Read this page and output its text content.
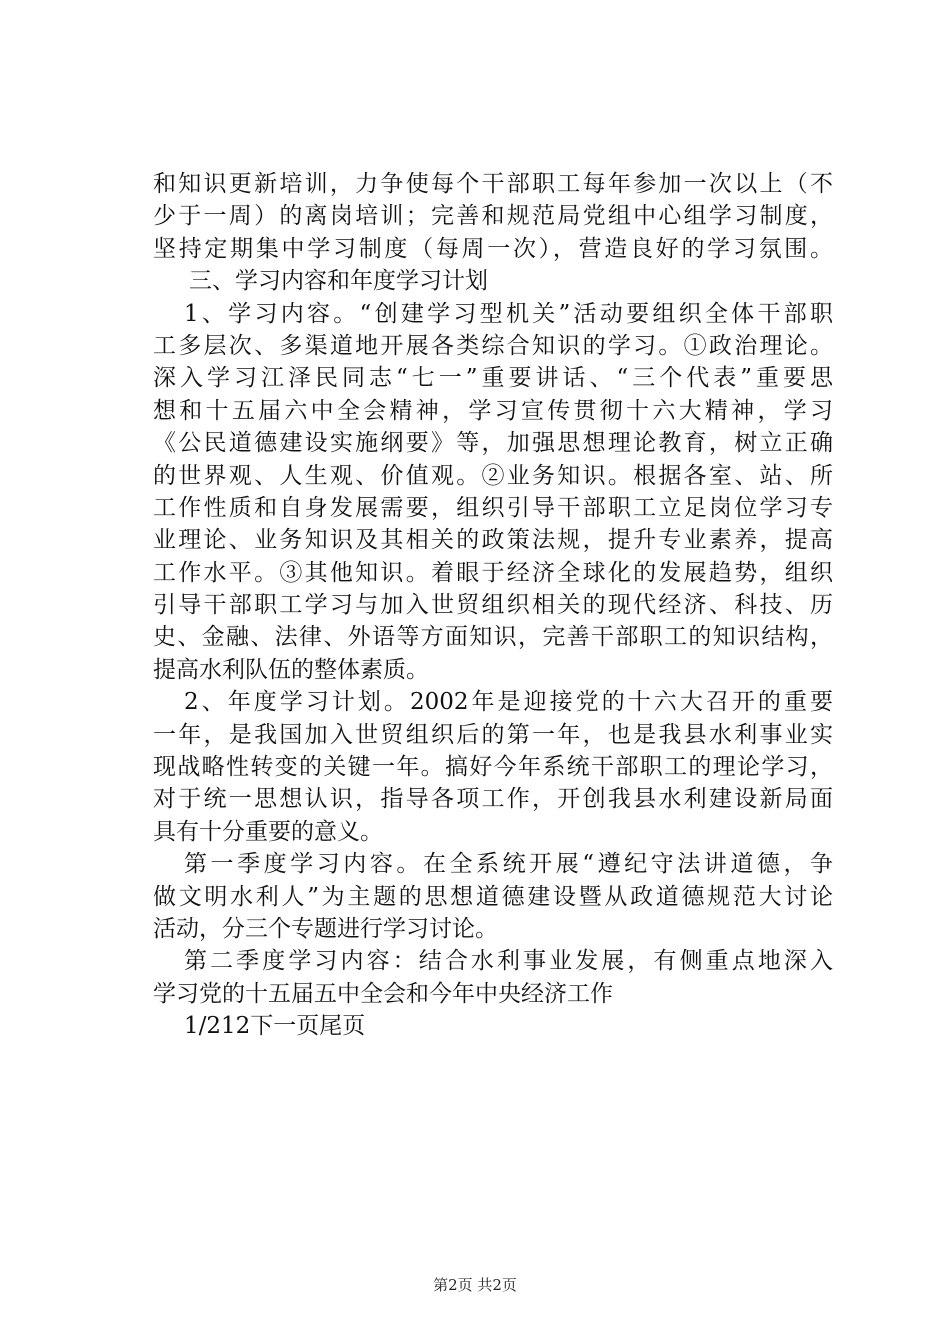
和知识更新培训，力争使每个干部职工每年参加一次以上（不
少于一周）的离岗培训；完善和规范局党组中心组学习制度，
坚持定期集中学习制度（每周一次），营造良好的学习氛围。
三、学习内容和年度学习计划
1、学习内容。“创建学习型机关”活动要组织全体干部职
工多层次、多渠道地开展各类综合知识的学习。①政治理论。
深入学习江泽民同志“七一”重要讲话、“三个代表”重要思
想和十五届六中全会精神，学习宣传贯彻十六大精神，学习
《公民道德建设实施纲要》等，加强思想理论教育，树立正确
的世界观、人生观、价值观。②业务知识。根据各室、站、所
工作性质和自身发展需要，组织引导干部职工立足岗位学习专
业理论、业务知识及其相关的政策法规，提升专业素养，提高
工作水平。③其他知识。着眼于经济全球化的发展趋势，组织
引导干部职工学习与加入世贸组织相关的现代经济、科技、历
史、金融、法律、外语等方面知识，完善干部职工的知识结构，
提高水利队伍的整体素质。
2、年度学习计划。2002年是迎接党的十六大召开的重要
一年，是我国加入世贸组织后的第一年，也是我县水利事业实
现战略性转变的关键一年。搞好今年系统干部职工的理论学习，
对于统一思想认识，指导各项工作，开创我县水利建设新局面
具有十分重要的意义。
第一季度学习内容。在全系统开展“遵纪守法讲道德，争
做文明水利人”为主题的思想道德建设暨从政道德规范大讨论
活动，分三个专题进行学习讨论。
第二季度学习内容：结合水利事业发展，有侧重点地深入
学习党的十五届五中全会和今年中央经济工作
1/212下一页尾页
第2页 共2页
